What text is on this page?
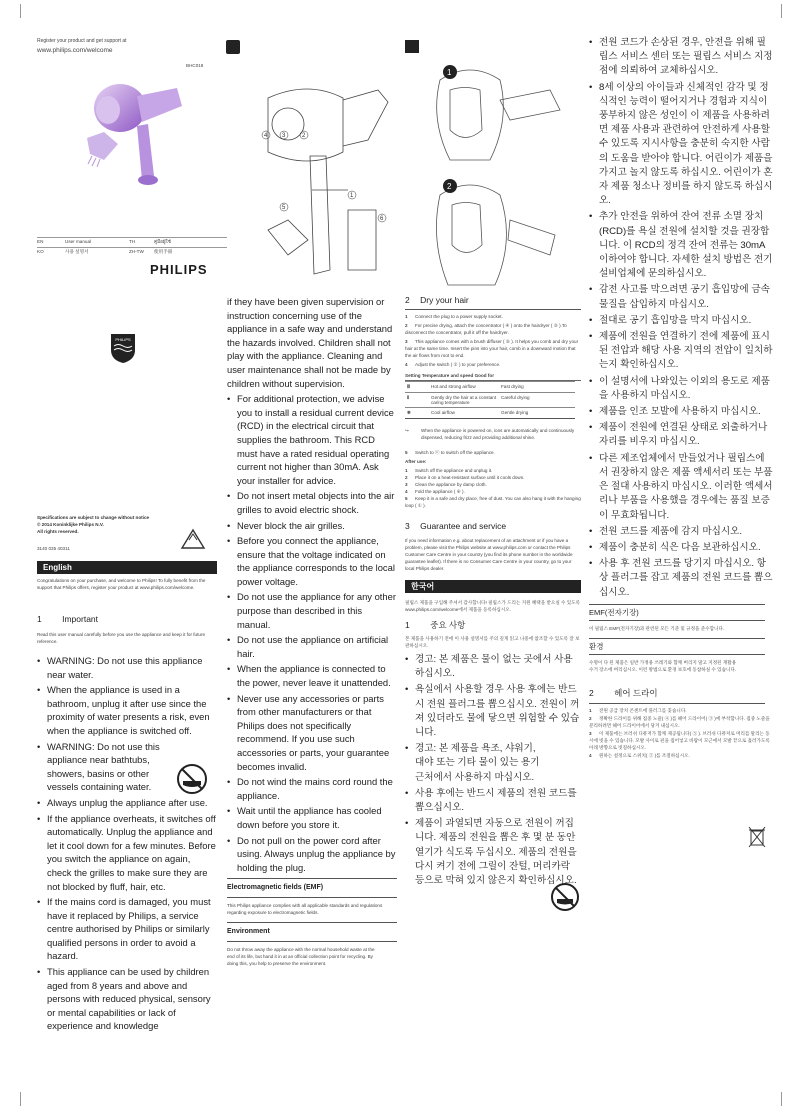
Register your product and get support at
www.philips.com/welcome
BHC018
EN	User manual	TH	คู่มือผู้ใช้
KO	사용 설명서	ZH-TW 使用手冊
PHILIPS
PHILIPS
Specifications are subject to change without notice
© 2014 Koninklijke Philips N.V.
All rights reserved.
3140 035 40311
English
Congratulations on your purchase, and welcome to Philips! To fully benefit from the support that Philips offers, register your product at www.philips.com/welcome.
1 Important
Read this user manual carefully before you use the appliance and keep it for future reference.
• WARNING: Do not use this appliance near water.
• When the appliance is used in a bathroom, unplug it after use since the proximity of water presents a risk, even when the appliance is switched off.
• WARNING: Do not use this appliance near bathtubs, showers, basins or other vessels containing water.
• Always unplug the appliance after use.
• If the appliance overheats, it switches off automatically. Unplug the appliance and let it cool down for a few minutes. Before you switch the appliance on again, check the grilles to make sure they are not blocked by fluff, hair, etc.
• If the mains cord is damaged, you must have it replaced by Philips, a service centre authorised by Philips or similarly qualified persons in order to avoid a hazard.
• This appliance can be used by children aged from 8 years and above and persons with reduced physical, sensory or mental capabilities or lack of experience and knowledge
4 3	2
1
5
6

if they have been given supervision or instruction concerning use of the appliance in a safe way and understand the hazards involved. Children shall not play with the appliance. Cleaning and user maintenance shall not be made by children without supervision.

• For additional protection, we advise you to install a residual current device (RCD) in the electrical circuit that supplies the bathroom. This RCD must have a rated residual operating current not higher than 30mA. Ask your installer for advice.
• Do not insert metal objects into the air grilles to avoid electric shock.
• Never block the air grilles.
• Before you connect the appliance, ensure that the voltage indicated on the appliance corresponds to the local power voltage.
• Do not use the appliance for any other purpose than described in this manual.
• Do not use the appliance on artificial hair.
• When the appliance is connected to the power, never leave it unattended.
• Never use any accessories or parts from other manufacturers or that Philips does not specifically recommend. If you use such accessories or parts, your guarantee becomes invalid.
• Do not wind the mains cord round the appliance.
• Wait until the appliance has cooled down before you store it.
• Do not pull on the power cord after using. Always unplug the appliance by holding the plug.
Electromagnetic fields (EMF)
This Philips appliance complies with all applicable standards and regulations regarding exposure to electromagnetic fields.
Environment
Do not throw away the appliance with the normal household waste at the end of its life, but hand it in at an official collection point for recycling. By doing this, you help to preserve the environment.
1
2
2 Dry your hair
1 Connect the plug to a power supply socket.
2 For precise drying, attach the concentrator ( ④ ) onto the hairdryer ( ③ ).To disconnect the concentrator, pull it off the hairdryer.
3 This appliance comes with a brush diffuser ( ⑤ ). It helps you comb and dry your hair at the same time. Insert the pins into your hair, comb in a downward motion that the air flows from root to end.
4 Adjust the switch ( ② ) to your preference.
Setting Temperature and speed Good for
Ⅲ	Hot and strong airflow	Fast drying
Ⅱ	Gently dry the hair at a constant caring temperature	Careful drying
❄	Cool airflow	Gentle drying
↪	When the appliance is powered on, ions are automatically and continuously dispensed, reducing frizz and providing additional shine.
5 Switch to ⓞ to switch off the appliance.
After use:
1 Switch off the appliance and unplug it.
2 Place it on a heat-resistant surface until it cools down.
3 Clean the appliance by damp cloth.
4 Fold the appliance ( ⑥ ).
5 Keep it in a safe and dry place, free of dust. You can also hang it with the hanging loop ( ① ).
3 Guarantee and service
If you need information e.g. about replacement of an attachment or if you have a problem, please visit the Philips website at www.philips.com or contact the Philips Customer Care Centre in your country (you find its phone number in the worldwide guarantee leaflet). If there is no Consumer Care Centre in your country, go to your local Philips dealer.
한국어
필립스 제품을 구입해 주셔서 감사합니다! 필립스가 드리는 지원 혜택을 받으실 수 있도록 www.philips.com/welcome에서 제품을 등록하십시오.
1 중요 사항
본 제품을 사용하기 전에 이 사용 설명서를 주의 깊게 읽고 나중에 참조할 수 있도록 잘 보관하십시오.
• 경고: 본 제품은 물이 없는 곳에서 사용하십시오.
• 욕실에서 사용할 경우 사용 후에는 반드시 전원 플러그를 뽑으십시오. 전원이 꺼져 있더라도 물에 닿으면 위험할 수 있습니다.
• 경고: 본 제품을 욕조, 샤워기, 대야 또는 기타 물이 있는 용기 근처에서 사용하지 마십시오.
• 사용 후에는 반드시 제품의 전원 코드를 뽑으십시오.
• 제품이 과열되면 자동으로 전원이 꺼집니다. 제품의 전원을 뽑은 후 몇 분 동안 열기가 식도록 두십시오. 제품의 전원을 다시 켜기 전에 그릴이 잔털, 머리카락 등으로 막혀 있지 않은지 확인하십시오.
• 전원 코드가 손상된 경우, 안전을 위해 필립스 서비스 센터 또는 필립스 서비스 지정점에 의뢰하여 교체하십시오.
• 8세 이상의 아이들과 신체적인 감각 및 정식적인 능력이 떨어지거나 경험과 지식이 풍부하지 않은 성인이 이 제품을 사용하려면 제품 사용과 관련하여 안전하게 사용할 수 있도록 지시사항을 충분히 숙지한 사람의 도움을 받아야 합니다. 어린이가 제품을 가지고 놀지 않도록 하십시오. 어린이가 혼자 제품 청소나 정비를 하지 않도록 하십시오.
• 추가 안전을 위하여 잔여 전류 소멸 장치(RCD)를 욕실 전원에 설치할 것을 권장합니다. 이 RCD의 정격 잔여 전류는 30mA 이하여야 합니다. 자세한 설치 방법은 전기 설비업체에 문의하십시오.
• 감전 사고를 막으려면 공기 흡입망에 금속 물질을 삽입하지 마십시오.
• 절대로 공기 흡입망을 막지 마십시오.
• 제품에 전원을 연결하기 전에 제품에 표시된 전압과 해당 사용 지역의 전압이 일치하는지 확인하십시오.
• 이 설명서에 나와있는 이외의 용도로 제품을 사용하지 마십시오.
• 제품을 인조 모발에 사용하지 마십시오.
• 제품이 전원에 연결된 상태로 외출하거나 자리를 비우지 마십시오.
• 다른 제조업체에서 만들었거나 필립스에서 권장하지 않은 제품 액세서리 또는 부품은 절대 사용하지 마십시오. 이러한 액세서리나 부품을 사용했을 경우에는 품질 보증이 무효화됩니다.
• 전원 코드를 제품에 감지 마십시오.
• 제품이 충분히 식은 다음 보관하십시오.
• 사용 후 전원 코드를 당기지 마십시오. 항상 플러그를 잡고 제품의 전원 코드를 뽑으십시오.
EMF(전자기장)
이 필립스 EMF(전자기장)과 관련된 모든 기준 및 규정을 준수합니다.
환경
수명이 다 된 제품은 일반 가정용 쓰레기와 함께 버리지 말고 지정된 재활용 수거 장소에 버리십시오. 이런 방법으로 환경 보호에 동참하실 수 있습니다.
2 헤어 드라이
1 전원 공급 장치 콘센트에 플러그를 꽂습니다.
2 정확한 드라이를 위해 집중 노즐( ④ )를 헤어 드라이어( ③ )에 부착합니다. 집중 노즐을 분리하려면 헤어 드라이어에서 당겨 내십시오.
3 이 제품에는 브러쉬 디퓨저가 함께 제공됩니다( ⑤ ). 브러쉬 디퓨저로 머리를 말리는 동시에 빗을 수 있습니다. 모발 사이로 핀을 집어넣고 바람이 모근에서 모발 끝으로 흘러가도록 아래 방향으로 빗질하십시오.
4 원하는 설정으로 스위치( ② )를 조절하십시오.
